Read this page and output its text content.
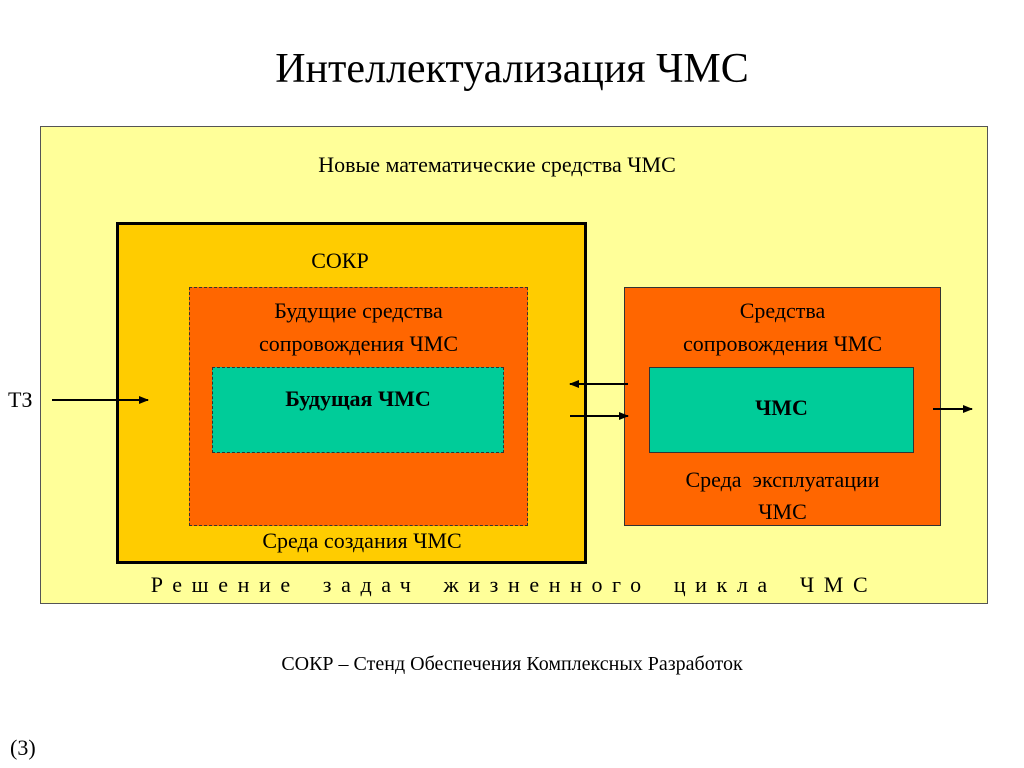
Интеллектуализация ЧМС
Новые математические средства ЧМС
СОКР
Будущие средства
сопровождения ЧМС
Будущая ЧМС
Среда создания ЧМС
Средства
сопровождения ЧМС
ЧМС
Среда  эксплуатации
ЧМС
Решение задач жизненного цикла ЧМС
ТЗ
СОКР – Стенд Обеспечения Комплексных Разработок
(3)
